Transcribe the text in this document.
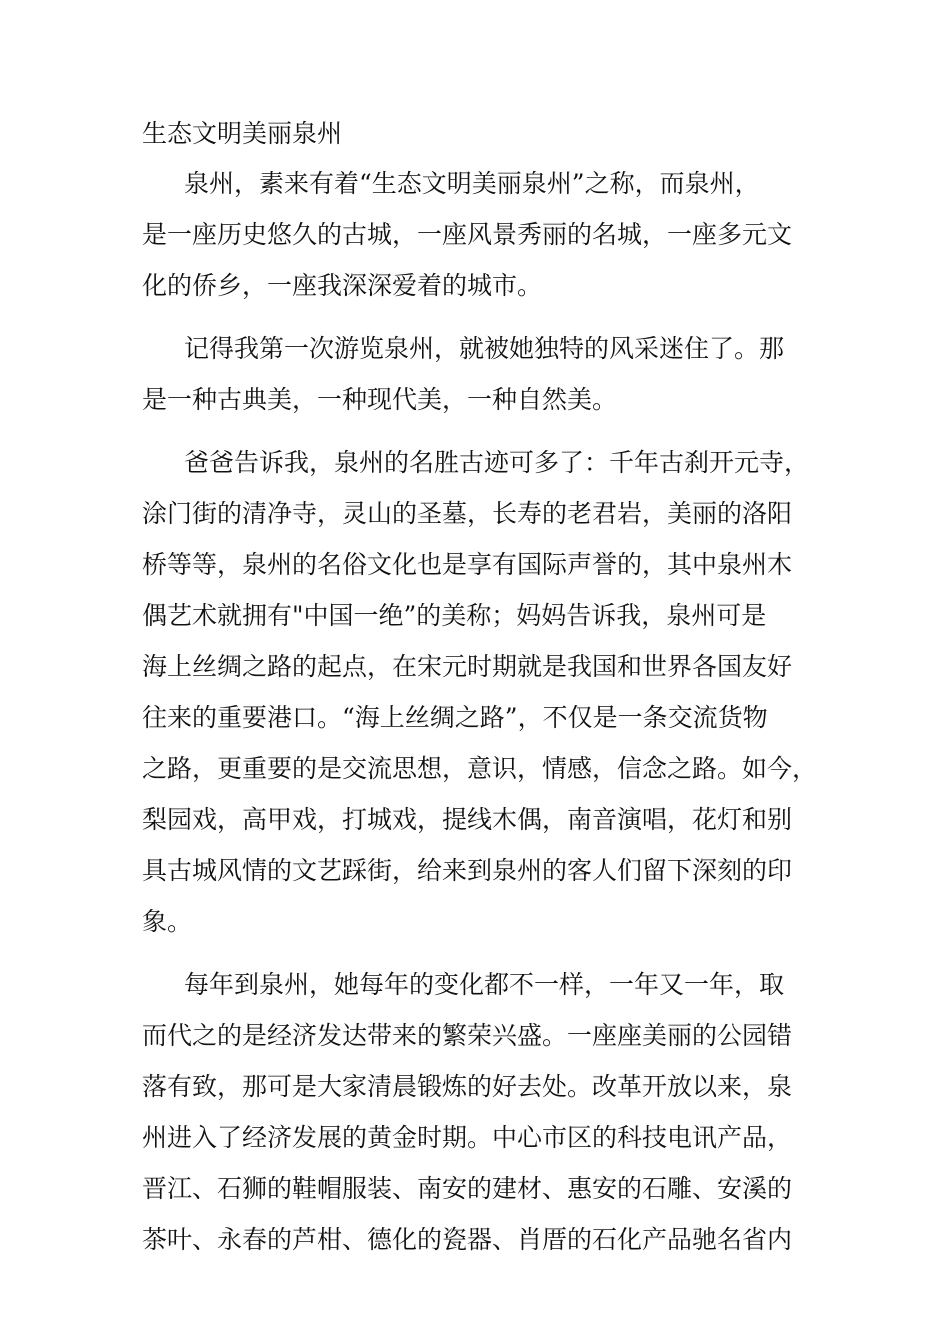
生态文明美丽泉州

泉州，素来有着“生态文明美丽泉州”之称，而泉州，
是一座历史悠久的古城，一座风景秀丽的名城，一座多元文
化的侨乡，一座我深深爱着的城市。

记得我第一次游览泉州，就被她独特的风采迷住了。那
是一种古典美，一种现代美，一种自然美。

爸爸告诉我，泉州的名胜古迹可多了：千年古刹开元寺，
涂门街的清净寺，灵山的圣墓，长寿的老君岩，美丽的洛阳
桥等等，泉州的名俗文化也是享有国际声誉的，其中泉州木
偶艺术就拥有"中国一绝”的美称；妈妈告诉我，泉州可是
海上丝绸之路的起点，在宋元时期就是我国和世界各国友好
往来的重要港口。“海上丝绸之路”，不仅是一条交流货物
之路，更重要的是交流思想，意识，情感，信念之路。如今，
梨园戏，高甲戏，打城戏，提线木偶，南音演唱，花灯和别
具古城风情的文艺踩街，给来到泉州的客人们留下深刻的印
象。

每年到泉州，她每年的变化都不一样，一年又一年，取
而代之的是经济发达带来的繁荣兴盛。一座座美丽的公园错
落有致，那可是大家清晨锻炼的好去处。改革开放以来，泉
州进入了经济发展的黄金时期。中心市区的科技电讯产品，
晋江、石狮的鞋帽服装、南安的建材、惠安的石雕、安溪的
茶叶、永春的芦柑、德化的瓷器、肖厝的石化产品驰名省内
